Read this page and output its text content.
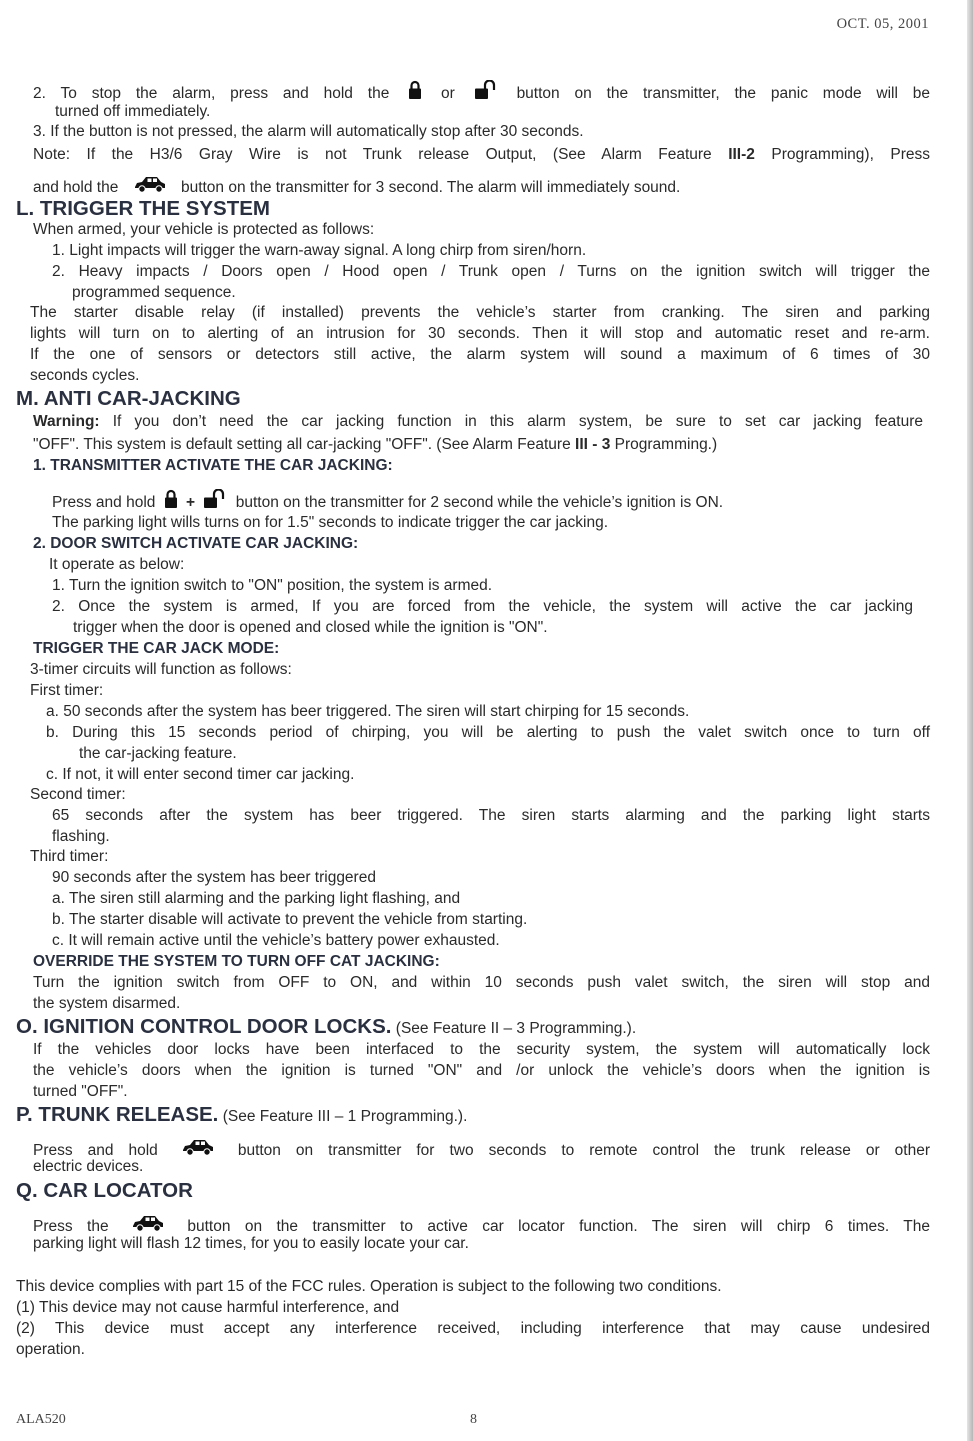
OCT. 05, 2001
2. To stop the alarm, press and hold the	or	button on the transmitter, the panic mode will be
turned off immediately.
3. If the button is not pressed, the alarm will automatically stop after 30 seconds.
Note: If the H3/6 Gray Wire is not Trunk release Output, (See Alarm Feature III-2 Programming), Press
and hold the	button on the transmitter for 3 second. The alarm will immediately sound.
L. TRIGGER THE SYSTEM
When armed, your vehicle is protected as follows:
1. Light impacts will trigger the warn-away signal. A long chirp from siren/horn.
2. Heavy impacts / Doors open / Hood open / Trunk open / Turns on the ignition switch will trigger the
programmed sequence.
The starter disable relay (if installed) prevents the vehicle’s starter from cranking. The siren and parking
lights will turn on to alerting of an intrusion for 30 seconds. Then it will stop and automatic reset and re-arm.
If the one of sensors or detectors still active, the alarm system will sound a maximum of 6 times of 30
seconds cycles.
M. ANTI CAR-JACKING
Warning: If you don’t need the car jacking function in this alarm system, be sure to set car jacking feature
"OFF". This system is default setting all car-jacking "OFF". (See Alarm Feature III - 3 Programming.)
1. TRANSMITTER ACTIVATE THE CAR JACKING:
Press and hold +	button on the transmitter for 2 second while the vehicle’s ignition is ON.
The parking light wills turns on for 1.5" seconds to indicate trigger the car jacking.
2. DOOR SWITCH ACTIVATE CAR JACKING:
It operate as below:
1. Turn the ignition switch to "ON" position, the system is armed.
2. Once the system is armed, If you are forced from the vehicle, the system will active the car jacking
trigger when the door is opened and closed while the ignition is "ON".
TRIGGER THE CAR JACK MODE:
3-timer circuits will function as follows:
First timer:
a. 50 seconds after the system has beer triggered. The siren will start chirping for 15 seconds.
b. During this 15 seconds period of chirping, you will be alerting to push the valet switch once to turn off
the car-jacking feature.
c. If not, it will enter second timer car jacking.
Second timer:
65 seconds after the system has beer triggered. The siren starts alarming and the parking light starts
flashing.
Third timer:
90 seconds after the system has beer triggered
a. The siren still alarming and the parking light flashing, and
b. The starter disable will activate to prevent the vehicle from starting.
c. It will remain active until the vehicle’s battery power exhausted.
OVERRIDE THE SYSTEM TO TURN OFF CAT JACKING:
Turn the ignition switch from OFF to ON, and within 10 seconds push valet switch, the siren will stop and
the system disarmed.
O. IGNITION CONTROL DOOR LOCKS. (See Feature II – 3 Programming.).
If the vehicles door locks have been interfaced to the security system, the system will automatically lock
the vehicle’s doors when the ignition is turned "ON" and /or unlock the vehicle’s doors when the ignition is
turned "OFF".
P. TRUNK RELEASE. (See Feature III – 1 Programming.).
Press and hold	button on transmitter for two seconds to remote control the trunk release or other
electric devices.
Q. CAR LOCATOR
Press the	button on the transmitter to active car locator function. The siren will chirp 6 times. The
parking light will flash 12 times, for you to easily locate your car.
This device complies with part 15 of the FCC rules. Operation is subject to the following two conditions.
(1) This device may not cause harmful interference, and
(2) This device must accept any interference received, including interference that may cause undesired
operation.
ALA520	8
